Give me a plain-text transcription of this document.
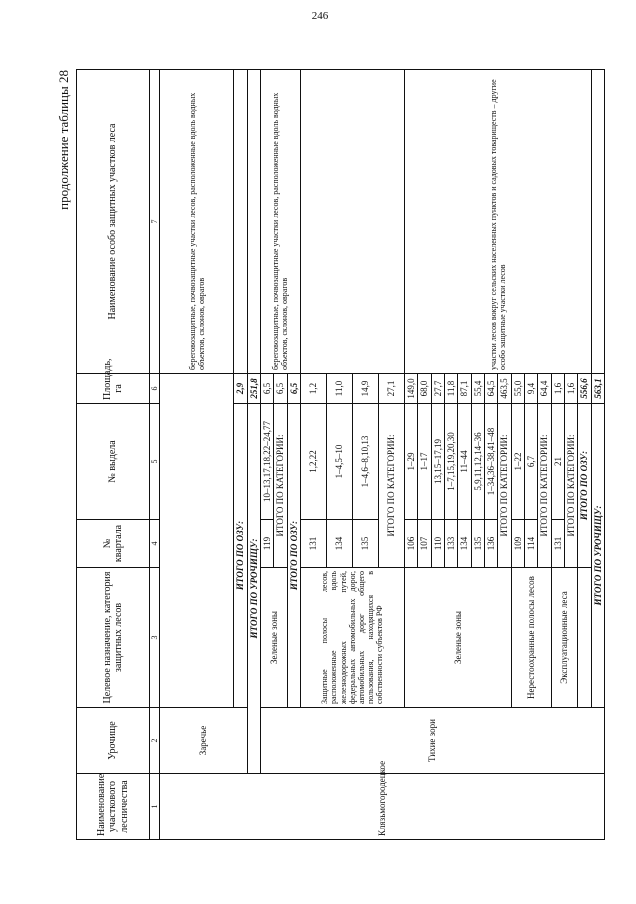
246
продолжение таблицы 28
Наименование участкового лесничества	Урочище	Целевое назначение, категория защитных лесов	№ квартала	№ выдела	Площадь, га	Наименование особо защитных участков леса	
1	2	3	4	5	6	7	
Клязьмогородецкое	Заречье					береговозащитные, почвозащитные участки лесов, расположенные вдоль водных объектов, склонов, оврагов	
		ИТОГО ПО ОЗУ:			2,9		
	ИТОГО ПО УРОЧИЩУ:				251,8		
	Тихие зори	Зеленые зоны	119	10–13,17,18,22–24,77	6,5	береговозащитные, почвозащитные участки лесов, расположенные вдоль водных объектов, склонов, оврагов	
			ИТОГО ПО КАТЕГОРИИ:		6,5		
		ИТОГО ПО ОЗУ:			6,5		
		Защитные полосы лесов, расположенные вдоль железнодорожных путей, федеральных автомобильных дорог, автомобильных дорог общего пользования, находящихся в собственности субъектов РФ	131	1,2,22	1,2		
			134	1–4,5–10	11,0		
			135	1–4,6–8,10,13	14,9		
			ИТОГО ПО КАТЕГОРИИ:		27,1		
		Зеленые зоны	106	1–29	149,0	участки лесов вокруг сельских населенных пунктов и садовых товариществ – другие особо защитные участки лесов	
			107	1–17	68,0		
			110	13,15–17,19	27,7		
			133	1–7,15,19,20,30	11,8		
			134	11–44	87,1		
			135	5,9,11,12,14–36	55,4		
			136	1–34,36–38,41–48	64,5		
			ИТОГО ПО КАТЕГОРИИ:		463,5		
		Нерестоохранные полосы лесов	109	1–22	55,0		
			114	6,7	9,4		
			ИТОГО ПО КАТЕГОРИИ:		64,4		
		Эксплуатационные леса	131	21	1,6		
			ИТОГО ПО КАТЕГОРИИ:		1,6		
			ИТОГО ПО ОЗУ:		556,6		
		ИТОГО ПО УРОЧИЩУ:			563,1		
